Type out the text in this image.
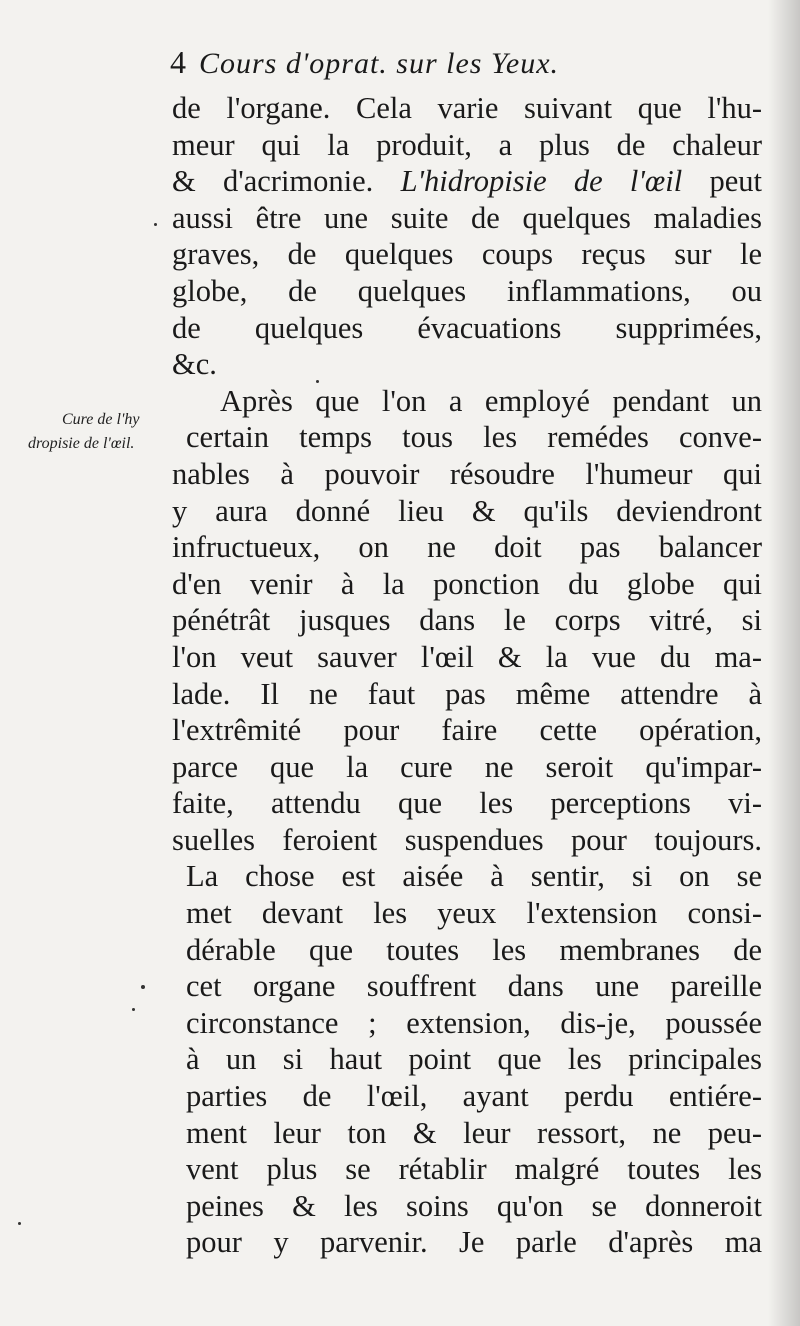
4 Cours d'oprat. sur les Yeux.
Cure de l'hy
dropisie de l'œil.
de l'organe. Cela varie suivant que l'hu-
meur qui la produit, a plus de chaleur
& d'acrimonie. L'hidropisie de l'œil peut
aussi être une suite de quelques maladies
graves, de quelques coups reçus sur le
globe, de quelques inflammations, ou
de quelques évacuations supprimées,
&c.
Après que l'on a employé pendant un
certain temps tous les remédes conve-
nables à pouvoir résoudre l'humeur qui
y aura donné lieu & qu'ils deviendront
infructueux, on ne doit pas balancer
d'en venir à la ponction du globe qui
pénétrât jusques dans le corps vitré, si
l'on veut sauver l'œil & la vue du ma-
lade. Il ne faut pas même attendre à
l'extrêmité pour faire cette opération,
parce que la cure ne seroit qu'impar-
faite, attendu que les perceptions vi-
suelles feroient suspendues pour toujours.
La chose est aisée à sentir, si on se
met devant les yeux l'extension consi-
dérable que toutes les membranes de
cet organe souffrent dans une pareille
circonstance ; extension, dis-je, poussée
à un si haut point que les principales
parties de l'œil, ayant perdu entiére-
ment leur ton & leur ressort, ne peu-
vent plus se rétablir malgré toutes les
peines & les soins qu'on se donneroit
pour y parvenir. Je parle d'après ma
